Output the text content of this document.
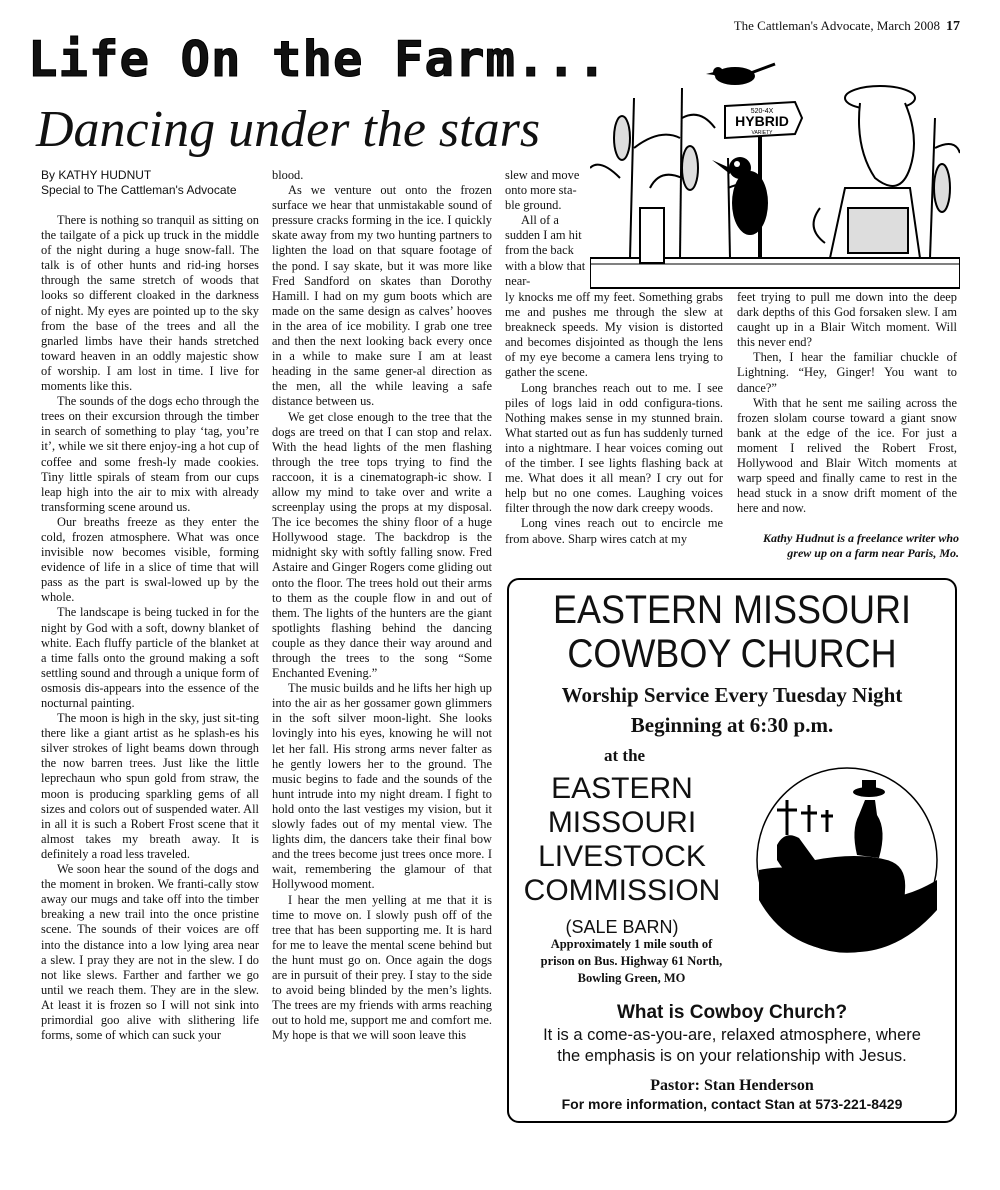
The Cattleman's Advocate, March 2008 17
Life On the Farm...
Dancing under the stars
By KATHY HUDNUT
Special to The Cattleman's Advocate

There is nothing so tranquil as sitting on the tailgate of a pick up truck in the middle of the night during a huge snow-fall. The talk is of other hunts and rid-ing horses through the same stretch of woods that looks so different cloaked in the darkness of night. My eyes are pointed up to the sky from the base of the trees and all the gnarled limbs have their hands stretched toward heaven in an oddly majestic show of worship. I am lost in time. I live for moments like this.

The sounds of the dogs echo through the trees on their excursion through the timber in search of something to play ‘tag, you’re it’, while we sit there enjoy-ing a hot cup of coffee and some fresh-ly made cookies. Tiny little spirals of steam from our cups leap high into the air to mix with already transforming scene around us.

Our breaths freeze as they enter the cold, frozen atmosphere. What was once invisible now becomes visible, forming evidence of life in a slice of time that will pass as the part is swal-lowed up by the whole.

The landscape is being tucked in for the night by God with a soft, downy blanket of white. Each fluffy particle of the blanket at a time falls onto the ground making a soft settling sound and through a unique form of osmosis dis-appears into the essence of the nocturnal painting.

The moon is high in the sky, just sit-ting there like a giant artist as he splash-es his silver strokes of light beams down through the now barren trees. Just like the little leprechaun who spun gold from straw, the moon is producing sparkling gems of all sizes and colors out of suspended water. All in all it is such a Robert Frost scene that it almost takes my breath away. It is definitely a road less traveled.

We soon hear the sound of the dogs and the moment in broken. We franti-cally stow away our mugs and take off into the timber breaking a new trail into the once pristine scene. The sounds of their voices are off into the distance into a low lying area near a slew. I pray they are not in the slew. I do not like slews. Farther and farther we go until we reach them. They are in the slew. At least it is frozen so I will not sink into primordial goo alive with slithering life forms, some of which can suck your

blood.

As we venture out onto the frozen surface we hear that unmistakable sound of pressure cracks forming in the ice. I quickly skate away from my two hunting partners to lighten the load on that square footage of the pond. I say skate, but it was more like Fred Sandford on skates than Dorothy Hamill. I had on my gum boots which are made on the same design as calves’ hooves in the area of ice mobility. I grab one tree and then the next looking back every once in a while to make sure I am at least heading in the same gener-al direction as the men, all the while leaving a safe distance between us.

We get close enough to the tree that the dogs are treed on that I can stop and relax. With the head lights of the men flashing through the tree tops trying to find the raccoon, it is a cinematograph-ic show. I allow my mind to take over and write a screenplay using the props at my disposal. The ice becomes the shiny floor of a huge Hollywood stage. The backdrop is the midnight sky with softly falling snow. Fred Astaire and Ginger Rogers come gliding out onto the floor. The trees hold out their arms to them as the couple flow in and out of them. The lights of the hunters are the giant spotlights flashing behind the dancing couple as they dance their way around and through the trees to the song “Some Enchanted Evening.”

The music builds and he lifts her high up into the air as her gossamer gown glimmers in the soft silver moon-light. She looks lovingly into his eyes, knowing he will not let her fall. His strong arms never falter as he gently lowers her to the ground. The music begins to fade and the sounds of the hunt intrude into my night dream. I fight to hold onto the last vestiges my vision, but it slowly fades out of my mental view. The lights dim, the dancers take their final bow and the trees become just trees once more. I wait, remembering the glamour of that Hollywood moment.

I hear the men yelling at me that it is time to move on. I slowly push off of the tree that has been supporting me. It is hard for me to leave the mental scene behind but the hunt must go on. Once again the dogs are in pursuit of their prey. I stay to the side to avoid being blinded by the men’s lights. The trees are my friends with arms reaching out to hold me, support me and comfort me. My hope is that we will soon leave this

slew and move onto more sta-ble ground.

All of a sudden I am hit from the back with a blow that near-

ly knocks me off my feet. Something grabs me and pushes me through the slew at breakneck speeds. My vision is distorted and becomes disjointed as though the lens of my eye become a camera lens trying to gather the scene.

Long branches reach out to me. I see piles of logs laid in odd configura-tions. Nothing makes sense in my stunned brain. What started out as fun has suddenly turned into a nightmare. I hear voices coming out of the timber. I see lights flashing back at me. What does it all mean? I cry out for help but no one comes. Laughing voices filter through the now dark creepy woods.

Long vines reach out to encircle me from above. Sharp wires catch at my

feet trying to pull me down into the deep dark depths of this God forsaken slew. I am caught up in a Blair Witch moment. Will this never end?

Then, I hear the familiar chuckle of Lightning. “Hey, Ginger! You want to dance?”

With that he sent me sailing across the frozen slolam course toward a giant snow bank at the edge of the ice. For just a moment I relived the Robert Frost, Hollywood and Blair Witch moments at warp speed and finally came to rest in the head stuck in a snow drift moment of the here and now.

Kathy Hudnut is a freelance writer who grew up on a farm near Paris, Mo.
520-4X
HYBRID
VARIETY
EASTERN MISSOURI
COWBOY CHURCH
Worship Service Every Tuesday Night
Beginning at 6:30 p.m.
at the
EASTERN
MISSOURI
LIVESTOCK
COMMISSION
(SALE BARN)
Approximately 1 mile south of
prison on Bus. Highway 61 North,
Bowling Green, MO
What is Cowboy Church?
It is a come-as-you-are, relaxed atmosphere, where
the emphasis is on your relationship with Jesus.
Pastor: Stan Henderson
For more information, contact Stan at 573-221-8429
